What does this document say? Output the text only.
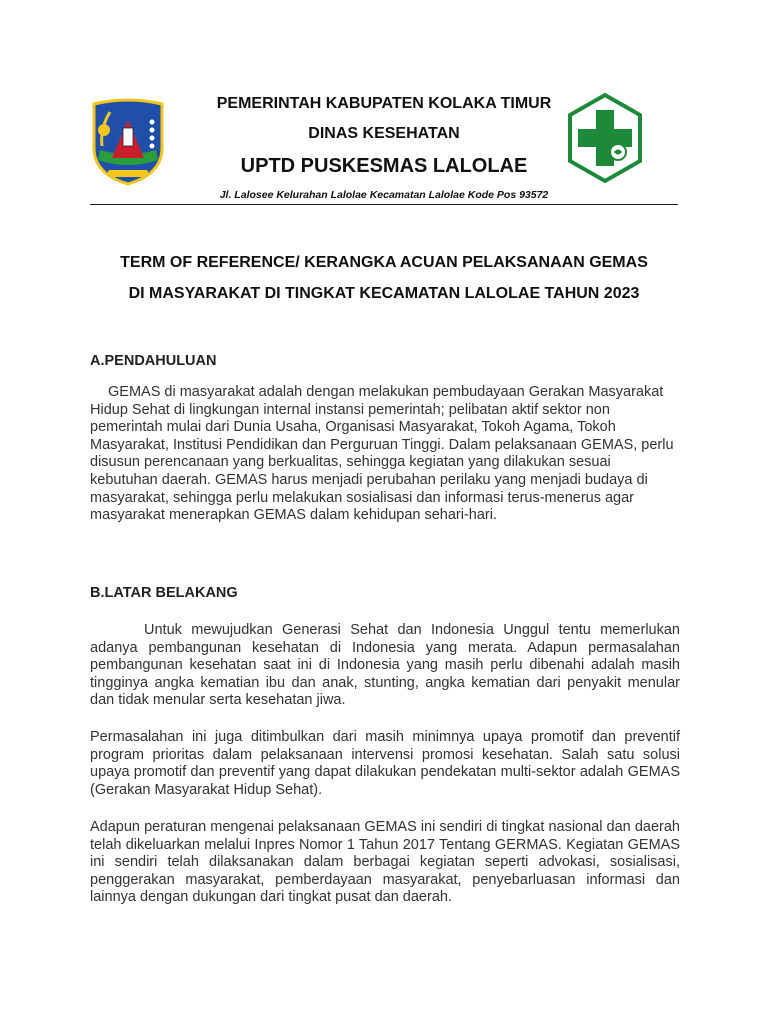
PEMERINTAH KABUPATEN KOLAKA TIMUR
DINAS KESEHATAN
UPTD PUSKESMAS LALOLAE
Jl. Lalosee Kelurahan Lalolae Kecamatan Lalolae Kode Pos 93572
TERM OF REFERENCE/ KERANGKA ACUAN PELAKSANAAN GEMAS
DI MASYARAKAT DI TINGKAT KECAMATAN LALOLAE TAHUN 2023
A.PENDAHULUAN
GEMAS di masyarakat adalah dengan melakukan pembudayaan Gerakan Masyarakat Hidup Sehat di lingkungan internal instansi pemerintah; pelibatan aktif sektor non pemerintah mulai dari Dunia Usaha, Organisasi Masyarakat, Tokoh Agama, Tokoh Masyarakat, Institusi Pendidikan dan Perguruan Tinggi. Dalam pelaksanaan GEMAS, perlu disusun perencanaan yang berkualitas, sehingga kegiatan yang dilakukan sesuai kebutuhan daerah. GEMAS harus menjadi perubahan perilaku yang menjadi budaya di masyarakat, sehingga perlu melakukan sosialisasi dan informasi terus-menerus agar masyarakat menerapkan GEMAS dalam kehidupan sehari-hari.
B.LATAR BELAKANG
Untuk mewujudkan Generasi Sehat dan Indonesia Unggul tentu memerlukan adanya pembangunan kesehatan di Indonesia yang merata. Adapun permasalahan pembangunan kesehatan saat ini di Indonesia yang masih perlu dibenahi adalah masih tingginya angka kematian ibu dan anak, stunting, angka kematian dari penyakit menular dan tidak menular serta kesehatan jiwa.
Permasalahan ini juga ditimbulkan dari masih minimnya upaya promotif dan preventif program prioritas dalam pelaksanaan intervensi promosi kesehatan. Salah satu solusi upaya promotif dan preventif yang dapat dilakukan pendekatan multi-sektor adalah GEMAS (Gerakan Masyarakat Hidup Sehat).
Adapun peraturan mengenai pelaksanaan GEMAS ini sendiri di tingkat nasional dan daerah telah dikeluarkan melalui Inpres Nomor 1 Tahun 2017 Tentang GERMAS. Kegiatan GEMAS ini sendiri telah dilaksanakan dalam berbagai kegiatan seperti advokasi, sosialisasi, penggerakan masyarakat, pemberdayaan masyarakat, penyebarluasan informasi dan lainnya dengan dukungan dari tingkat pusat dan daerah.
